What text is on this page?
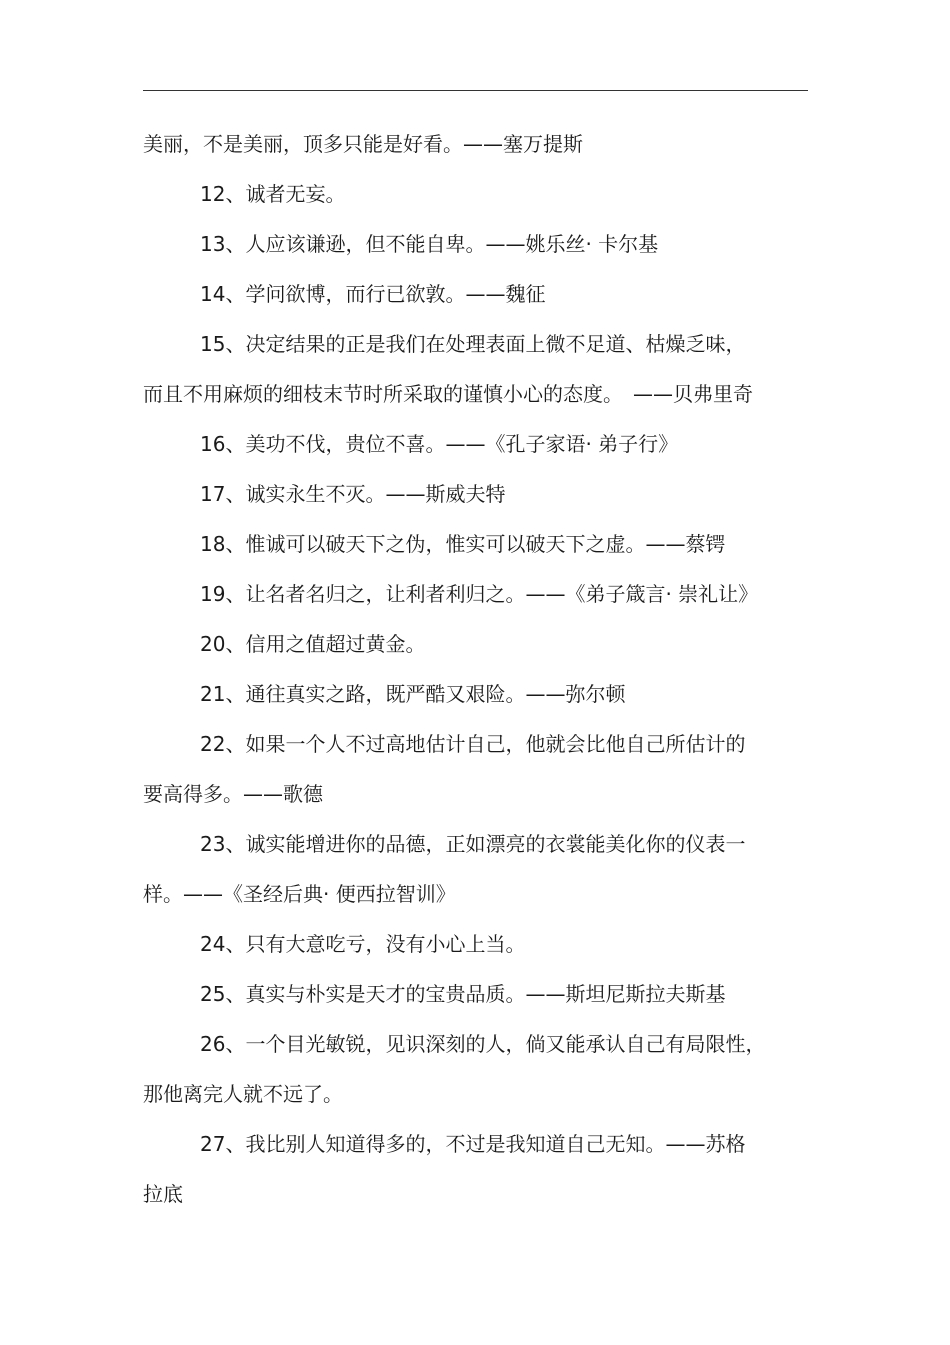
美丽，不是美丽，顶多只能是好看。——塞万提斯
12、诚者无妄。
13、人应该谦逊，但不能自卑。——姚乐丝· 卡尔基
14、学问欲博，而行已欲敦。——魏征
15、决定结果的正是我们在处理表面上微不足道、枯燥乏味，
而且不用麻烦的细枝末节时所采取的谨慎小心的态度。　——贝弗里奇
16、美功不伐，贵位不喜。——《孔子家语· 弟子行》
17、诚实永生不灭。——斯威夫特
18、惟诚可以破天下之伪，惟实可以破天下之虚。——蔡锷
19、让名者名归之，让利者利归之。——《弟子箴言· 崇礼让》
20、信用之值超过黄金。
21、通往真实之路，既严酷又艰险。——弥尔顿
22、如果一个人不过高地估计自己，他就会比他自己所估计的
要高得多。——歌德
23、诚实能增进你的品德，正如漂亮的衣裳能美化你的仪表一
样。——《圣经后典· 便西拉智训》
24、只有大意吃亏，没有小心上当。
25、真实与朴实是天才的宝贵品质。——斯坦尼斯拉夫斯基
26、一个目光敏锐，见识深刻的人，倘又能承认自己有局限性，
那他离完人就不远了。
27、我比别人知道得多的，不过是我知道自己无知。——苏格
拉底
